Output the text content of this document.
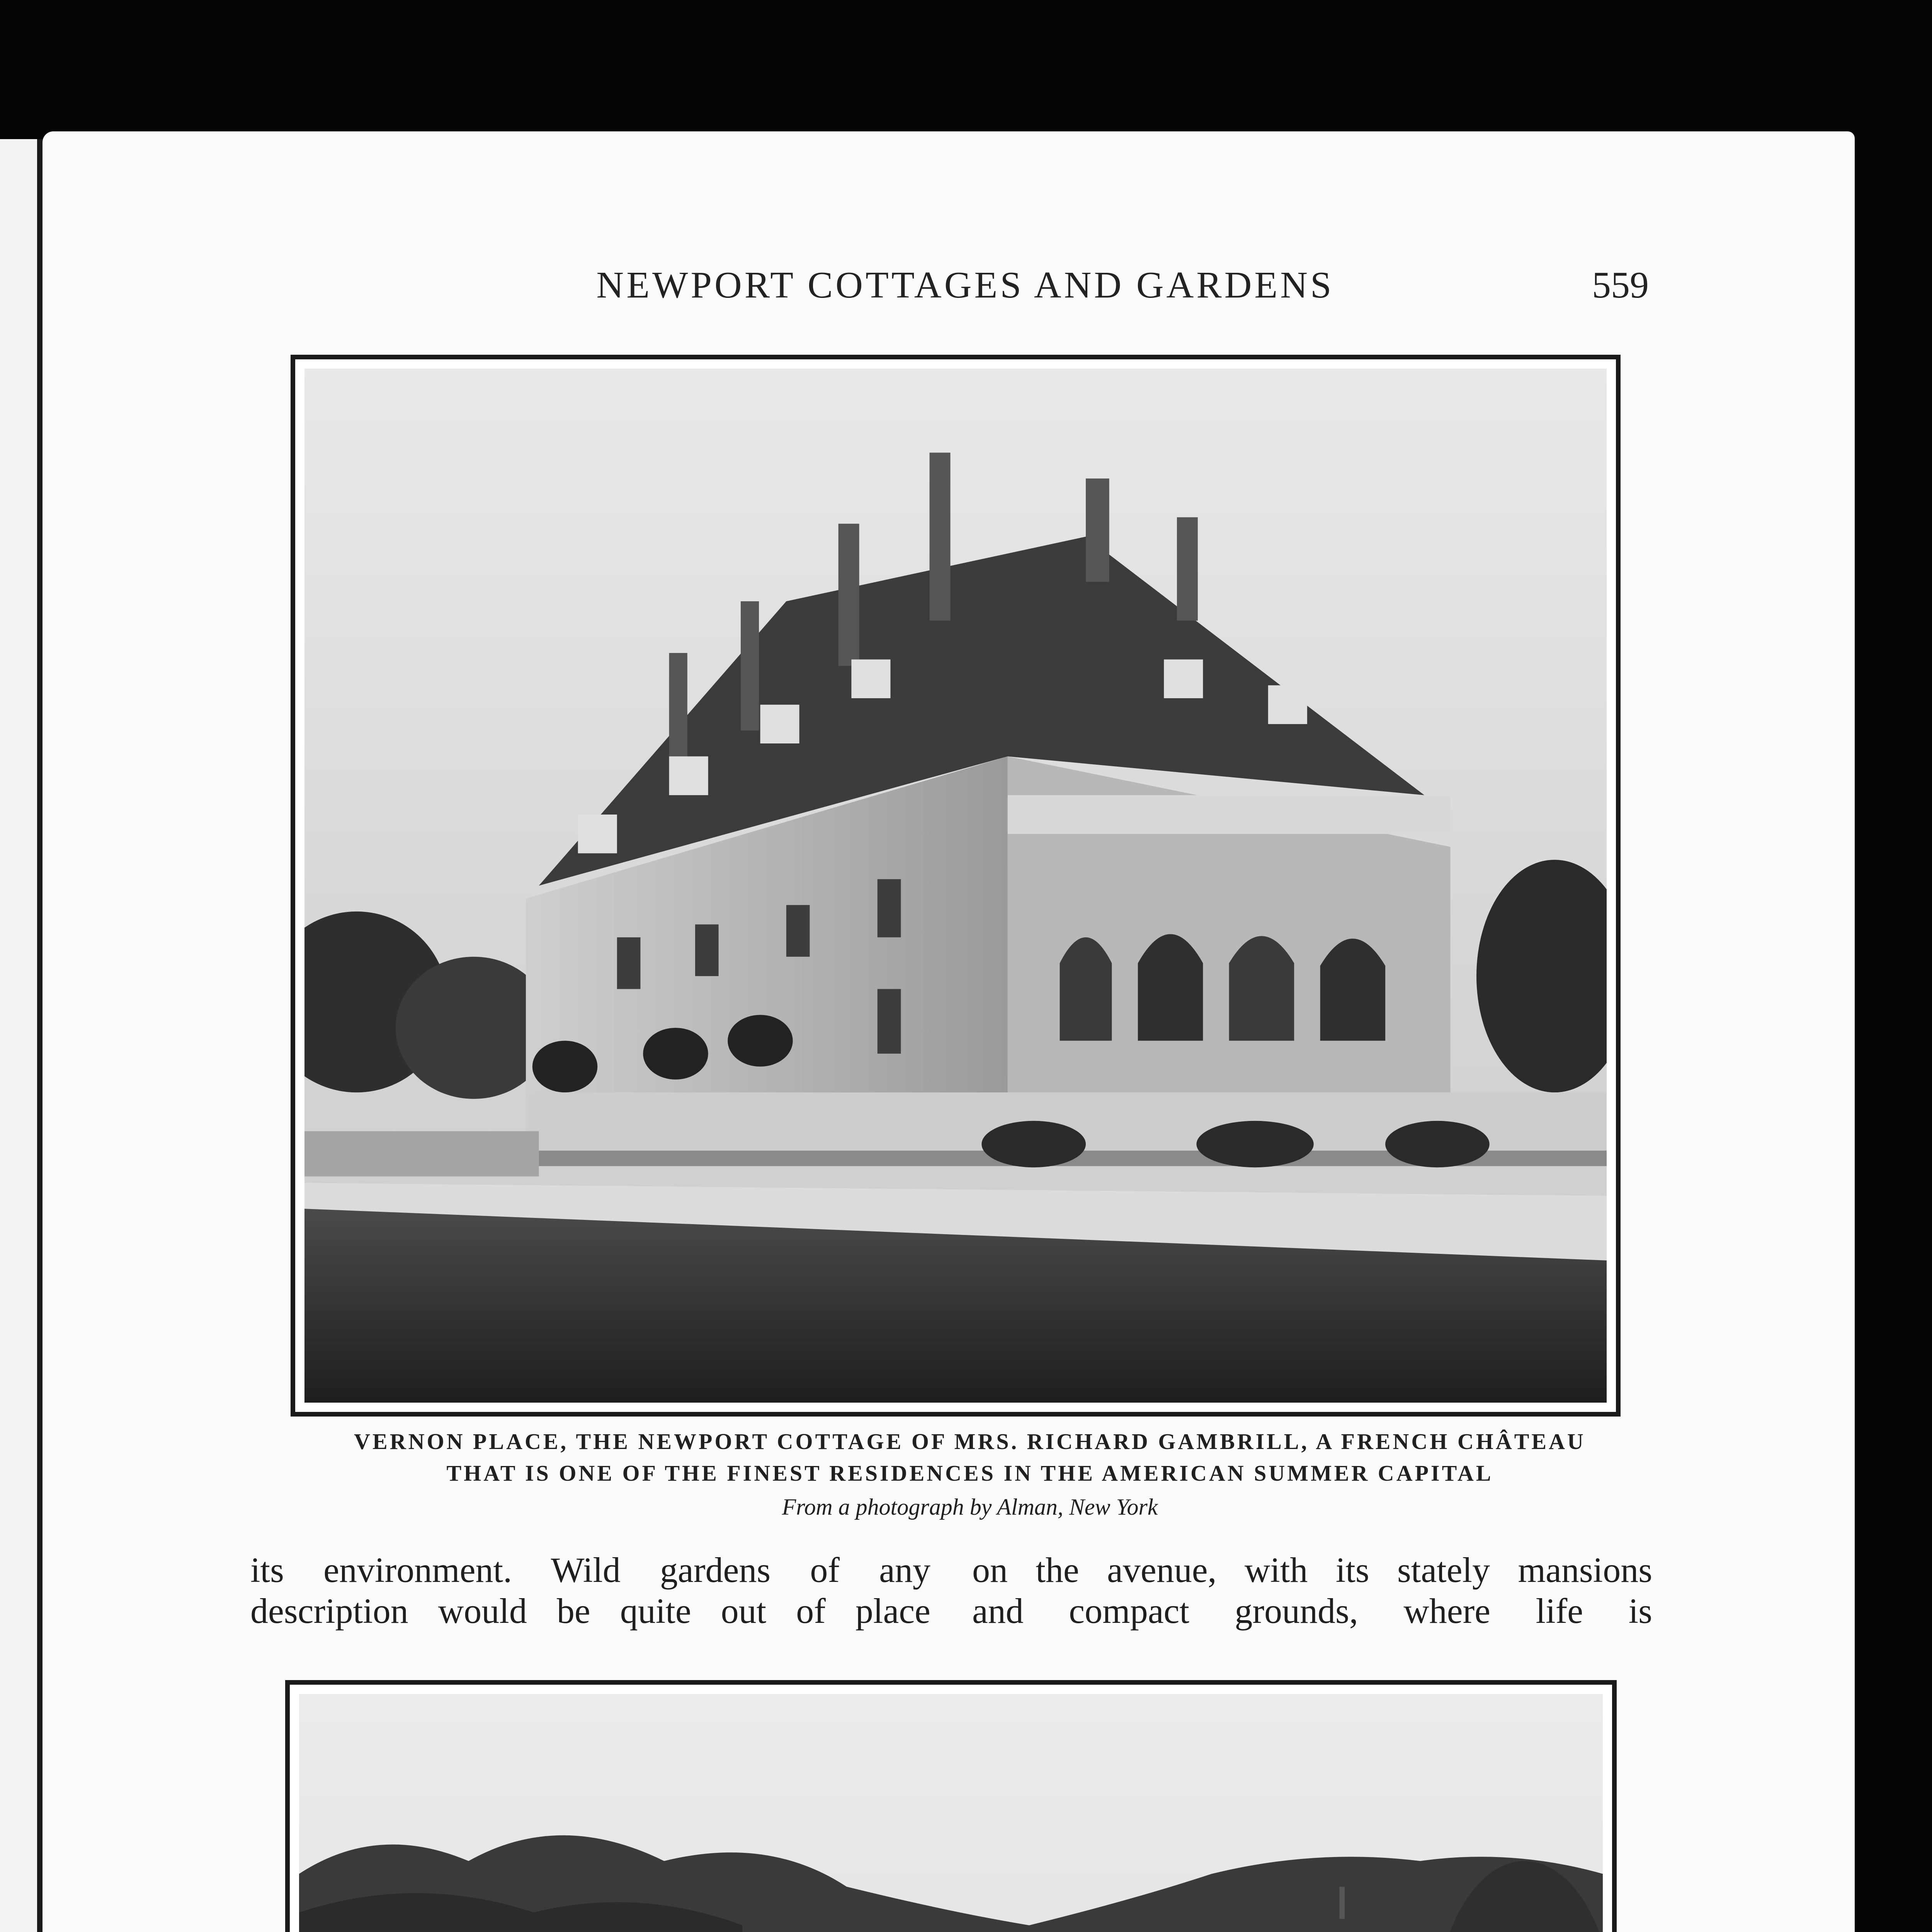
NEWPORT COTTAGES AND GARDENS	559
VERNON PLACE, THE NEWPORT COTTAGE OF MRS. RICHARD GAMBRILL, A FRENCH CHÂTEAU
THAT IS ONE OF THE FINEST RESIDENCES IN THE AMERICAN SUMMER CAPITAL
From a photograph by Alman, New York
its environment. Wild gardens of any
description would be quite out of place
on the avenue, with its stately mansions
and compact grounds, where life is
